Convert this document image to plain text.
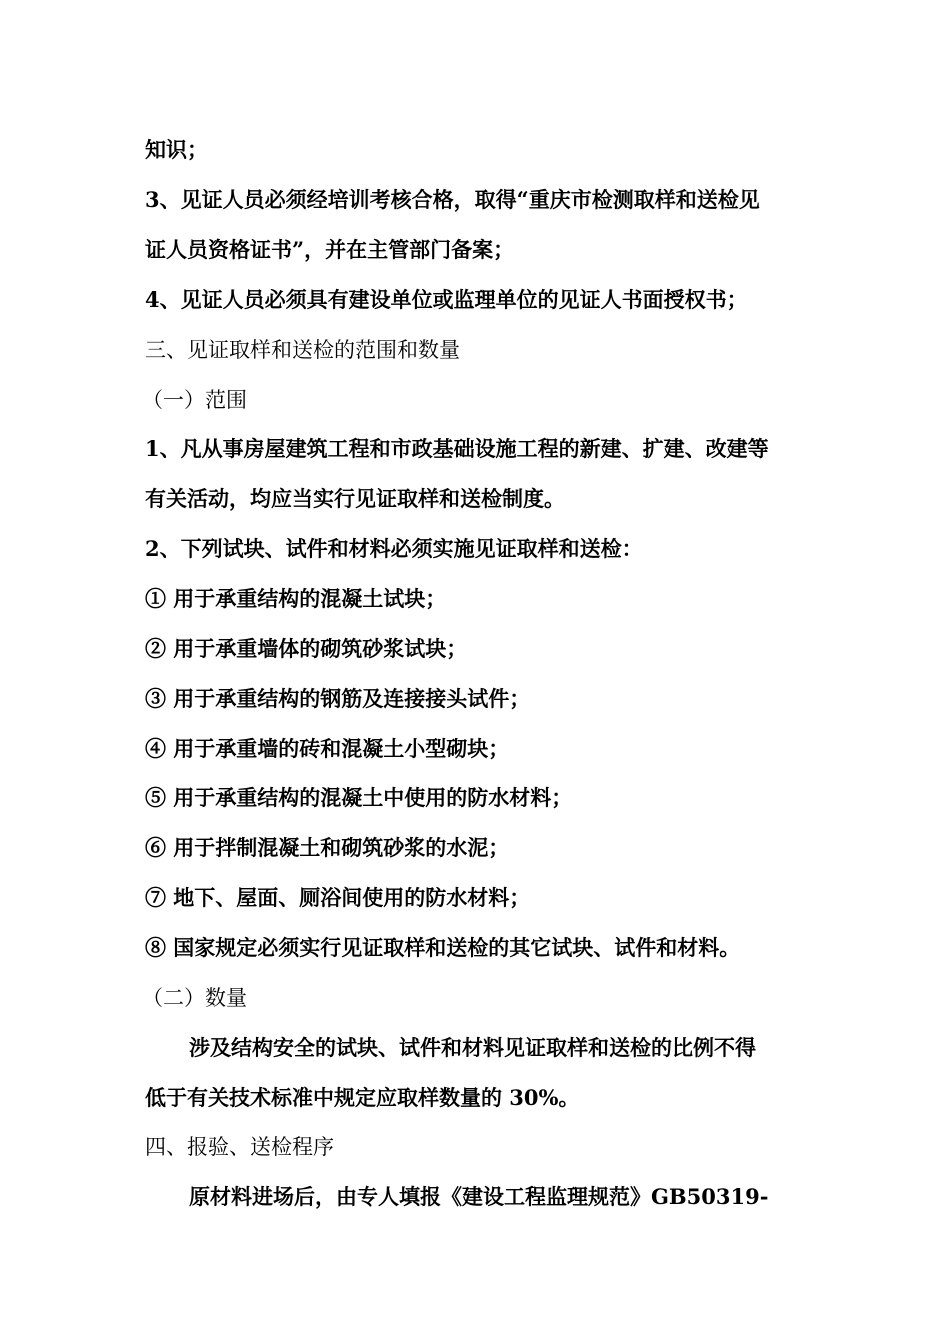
知识；
3、见证人员必须经培训考核合格，取得“重庆市检测取样和送检见
证人员资格证书”，并在主管部门备案；
4、见证人员必须具有建设单位或监理单位的见证人书面授权书；
三、见证取样和送检的范围和数量
（一）范围
1、凡从事房屋建筑工程和市政基础设施工程的新建、扩建、改建等
有关活动，均应当实行见证取样和送检制度。
2、下列试块、试件和材料必须实施见证取样和送检：
① 用于承重结构的混凝土试块；
② 用于承重墙体的砌筑砂浆试块；
③ 用于承重结构的钢筋及连接接头试件；
④ 用于承重墙的砖和混凝土小型砌块；
⑤ 用于承重结构的混凝土中使用的防水材料；
⑥ 用于拌制混凝土和砌筑砂浆的水泥；
⑦ 地下、屋面、厕浴间使用的防水材料；
⑧ 国家规定必须实行见证取样和送检的其它试块、试件和材料。
（二）数量
涉及结构安全的试块、试件和材料见证取样和送检的比例不得
低于有关技术标准中规定应取样数量的 30%。
四、报验、送检程序
原材料进场后，由专人填报《建设工程监理规范》GB50319-
